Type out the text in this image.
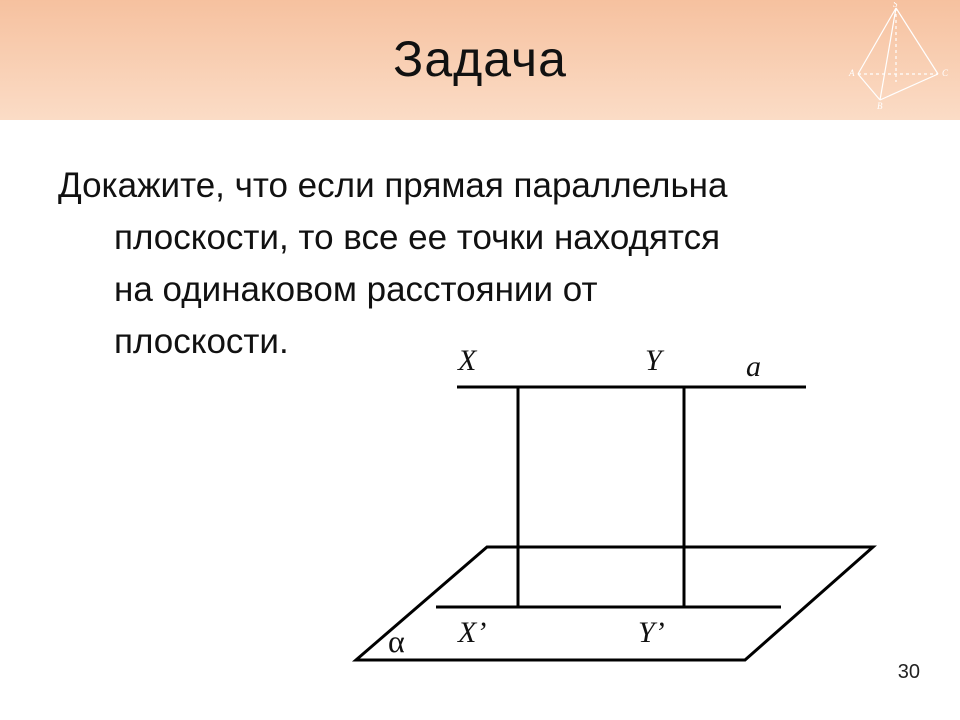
Задача
S
A	C
B
Докажите, что если прямая параллельна
плоскости, то все ее точки находятся
на одинаковом расстоянии от
плоскости.	X	Y	a
X’	Y’
α
30
